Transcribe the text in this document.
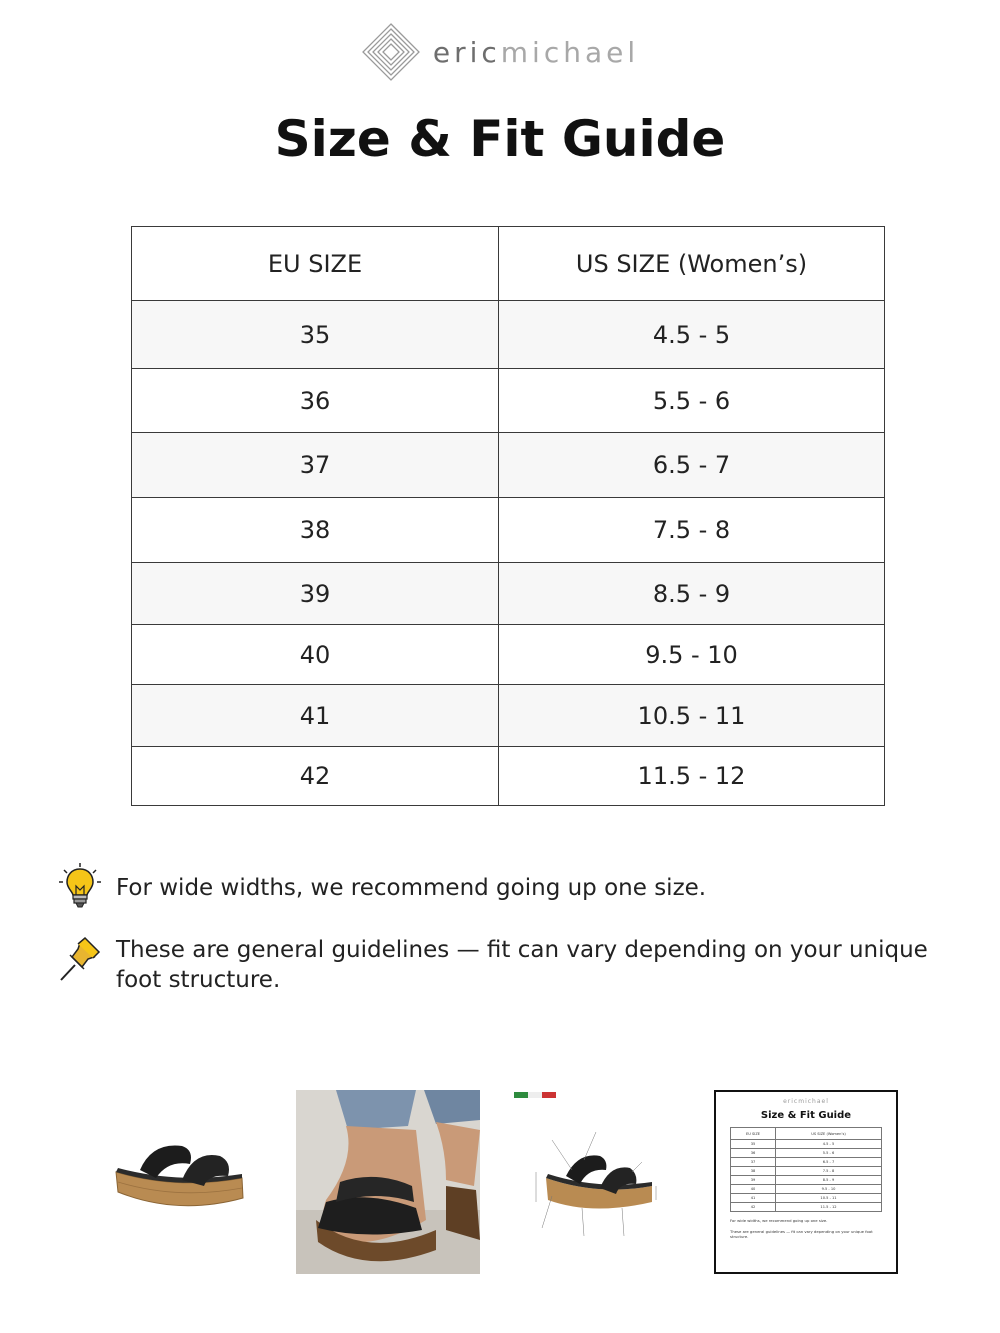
ericmichael
Size & Fit Guide
EU SIZE	US SIZE (Women’s)
35	4.5 - 5
36	5.5 - 6
37	6.5 - 7
38	7.5 - 8
39	8.5 - 9
40	9.5 - 10
41	10.5 - 11
42	11.5 - 12

For wide widths, we recommend going up one size.

These are general guidelines — fit can vary depending on your unique foot structure.

ericmichael
Size & Fit Guide
EU SIZE	US SIZE (Women’s)
35	4.5 - 5
36	5.5 - 6
37	6.5 - 7
38	7.5 - 8
39	8.5 - 9
40	9.5 - 10
41	10.5 - 11
42	11.5 - 12

For wide widths, we recommend going up one size.

These are general guidelines — fit can vary depending on your unique foot structure.
